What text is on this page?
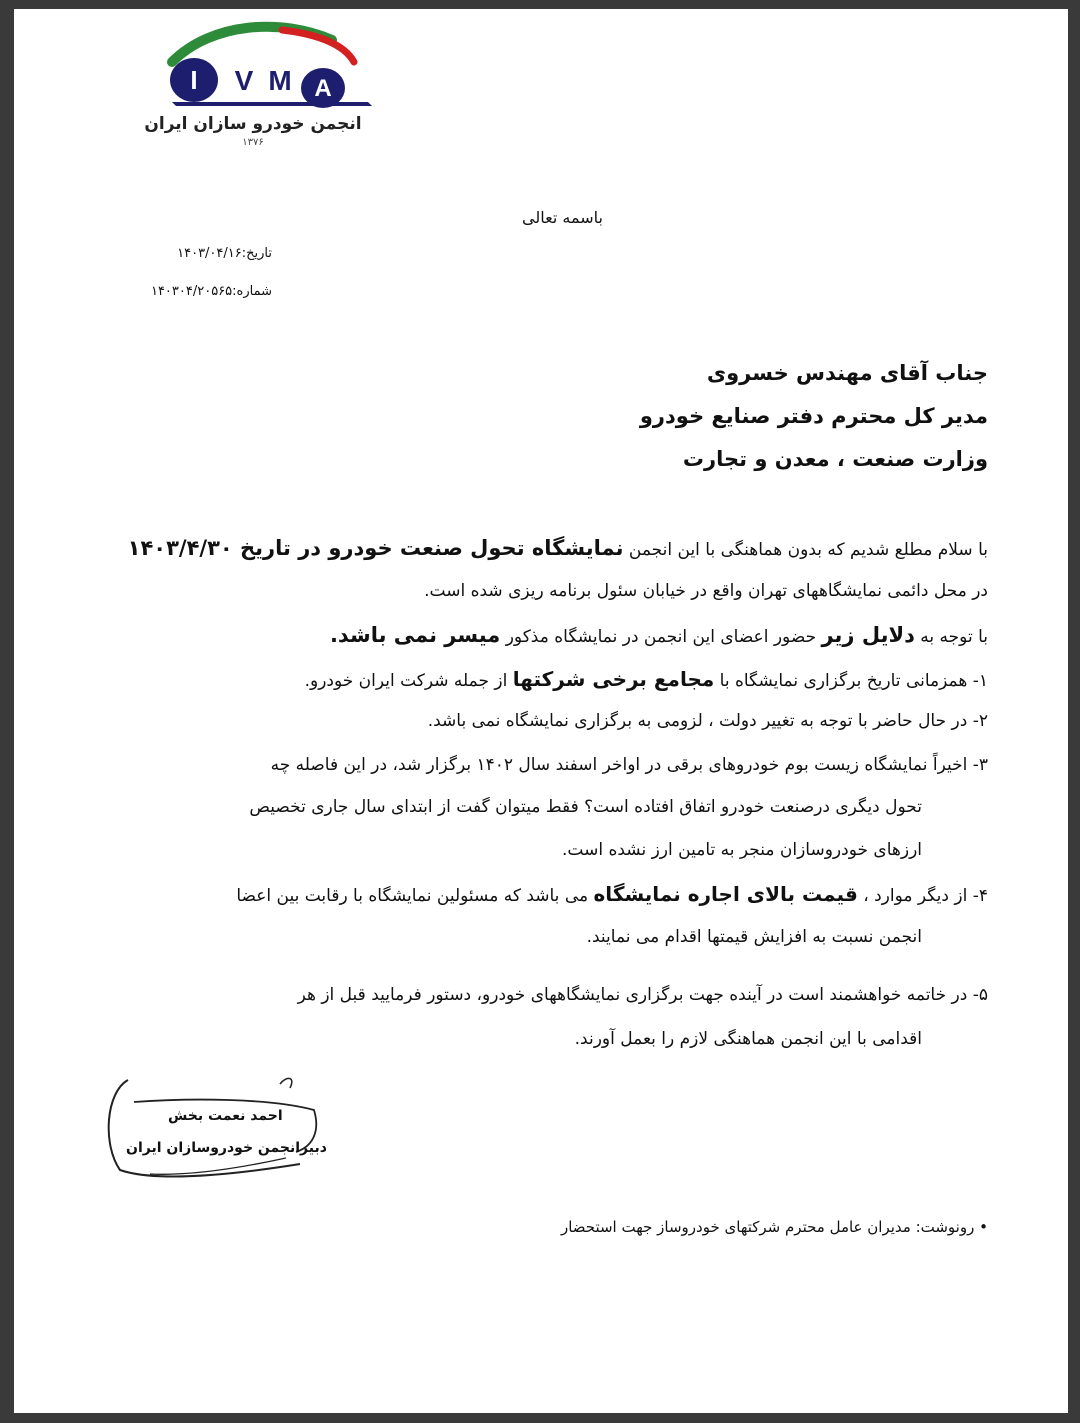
I V M A
انجمن خودرو سازان ایران
۱۳۷۶
باسمه تعالی
تاریخ:۱۴۰۳/۰۴/۱۶
شماره:۱۴۰۳۰۴/۲۰۵۶۵
جناب آقای مهندس خسروی
مدیر کل محترم دفتر صنایع خودرو
وزارت صنعت ، معدن و تجارت
با سلام مطلع شدیم که بدون هماهنگی با این انجمن نمایشگاه تحول صنعت خودرو در تاریخ ۱۴۰۳/۴/۳۰
در محل دائمی نمایشگاههای تهران واقع در خیابان سئول برنامه ریزی شده است.
با توجه به دلایل زیر حضور اعضای این انجمن در نمایشگاه مذکور میسر نمی باشد.
۱- همزمانی تاریخ برگزاری نمایشگاه با مجامع برخی شرکتها از جمله شرکت ایران خودرو.
۲- در حال حاضر با توجه به تغییر دولت ، لزومی به برگزاری نمایشگاه نمی باشد.
۳- اخیراً نمایشگاه زیست بوم خودروهای برقی در اواخر اسفند سال ۱۴۰۲ برگزار شد، در این فاصله چه
تحول دیگری درصنعت خودرو اتفاق افتاده است؟ فقط میتوان گفت از ابتدای سال جاری تخصیص
ارزهای خودروسازان منجر به تامین ارز نشده است.
۴- از دیگر موارد ، قیمت بالای اجاره نمایشگاه می باشد که مسئولین نمایشگاه با رقابت بین اعضا
انجمن نسبت به افزایش قیمتها اقدام می نمایند.
۵- در خاتمه خواهشمند است در آینده جهت برگزاری نمایشگاههای خودرو، دستور فرمایید قبل از هر
اقدامی با این انجمن هماهنگی لازم را بعمل آورند.
احمد نعمت بخش
دبیرانجمن خودروسازان ایران
• رونوشت: مدیران عامل محترم شرکتهای خودروساز جهت استحضار
